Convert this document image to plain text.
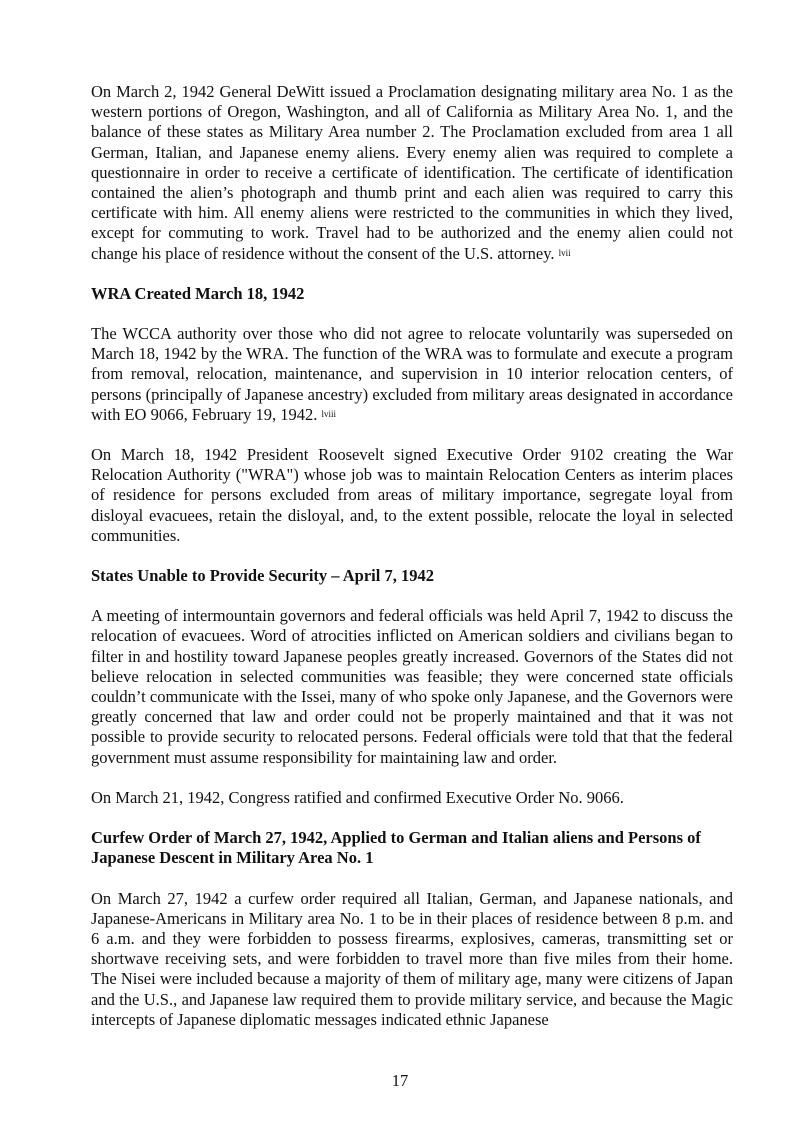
On March 2, 1942 General DeWitt issued a Proclamation designating military area No. 1 as the western portions of Oregon, Washington, and all of California as Military Area No. 1, and the balance of these states as Military Area number 2. The Proclamation excluded from area 1 all German, Italian, and Japanese enemy aliens. Every enemy alien was required to complete a questionnaire in order to receive a certificate of identification. The certificate of identification contained the alien’s photograph and thumb print and each alien was required to carry this certificate with him. All enemy aliens were restricted to the communities in which they lived, except for commuting to work. Travel had to be authorized and the enemy alien could not change his place of residence without the consent of the U.S. attorney. $^{lvii}$

WRA Created March 18, 1942

The WCCA authority over those who did not agree to relocate voluntarily was superseded on March 18, 1942 by the WRA. The function of the WRA was to formulate and execute a program from removal, relocation, maintenance, and supervision in 10 interior relocation centers, of persons (principally of Japanese ancestry) excluded from military areas designated in accordance with EO 9066, February 19, 1942. $^{lviii}$

On March 18, 1942 President Roosevelt signed Executive Order 9102 creating the War Relocation Authority ("WRA") whose job was to maintain Relocation Centers as interim places of residence for persons excluded from areas of military importance, segregate loyal from disloyal evacuees, retain the disloyal, and, to the extent possible, relocate the loyal in selected communities.

States Unable to Provide Security – April 7, 1942

A meeting of intermountain governors and federal officials was held April 7, 1942 to discuss the relocation of evacuees. Word of atrocities inflicted on American soldiers and civilians began to filter in and hostility toward Japanese peoples greatly increased. Governors of the States did not believe relocation in selected communities was feasible; they were concerned state officials couldn’t communicate with the Issei, many of who spoke only Japanese, and the Governors were greatly concerned that law and order could not be properly maintained and that it was not possible to provide security to relocated persons. Federal officials were told that that the federal government must assume responsibility for maintaining law and order.

On March 21, 1942, Congress ratified and confirmed Executive Order No. 9066.

Curfew Order of March 27, 1942, Applied to German and Italian aliens and Persons of Japanese Descent in Military Area No. 1

On March 27, 1942 a curfew order required all Italian, German, and Japanese nationals, and Japanese-Americans in Military area No. 1 to be in their places of residence between 8 p.m. and 6 a.m. and they were forbidden to possess firearms, explosives, cameras, transmitting set or shortwave receiving sets, and were forbidden to travel more than five miles from their home. The Nisei were included because a majority of them of military age, many were citizens of Japan and the U.S., and Japanese law required them to provide military service, and because the Magic intercepts of Japanese diplomatic messages indicated ethnic Japanese

17
